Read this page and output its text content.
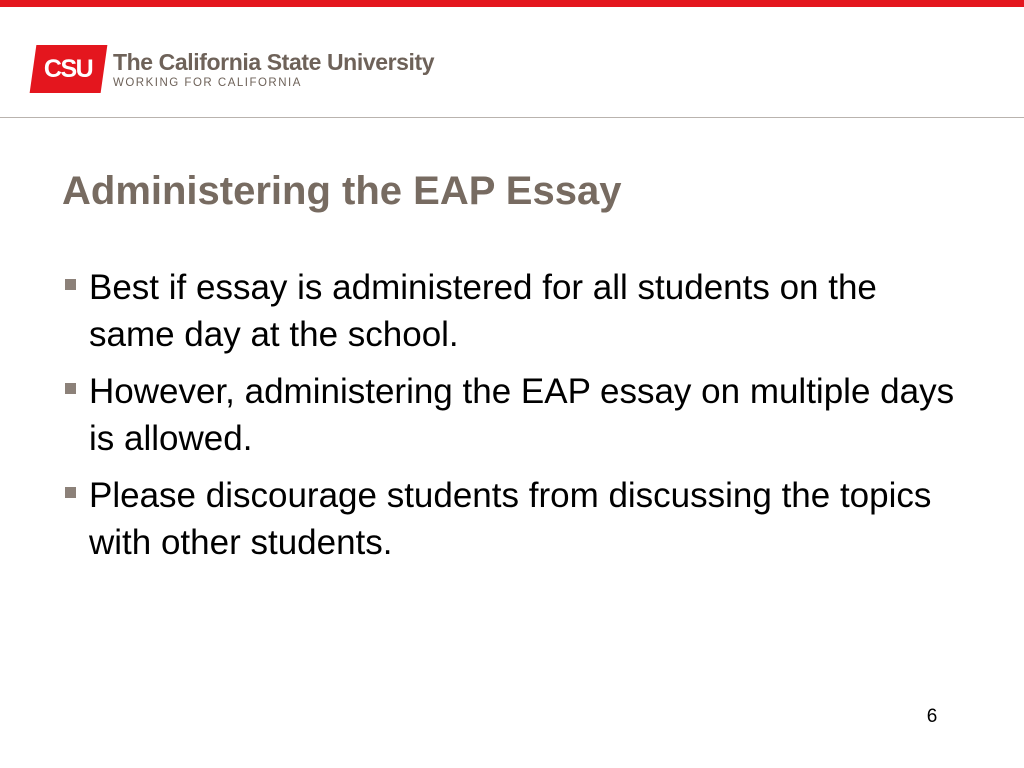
CSU The California State University
WORKING FOR CALIFORNIA
Administering the EAP Essay
Best if essay is administered for all students on the same day at the school.
However, administering the EAP essay on multiple days is allowed.
Please discourage students from discussing the topics with other students.
6
